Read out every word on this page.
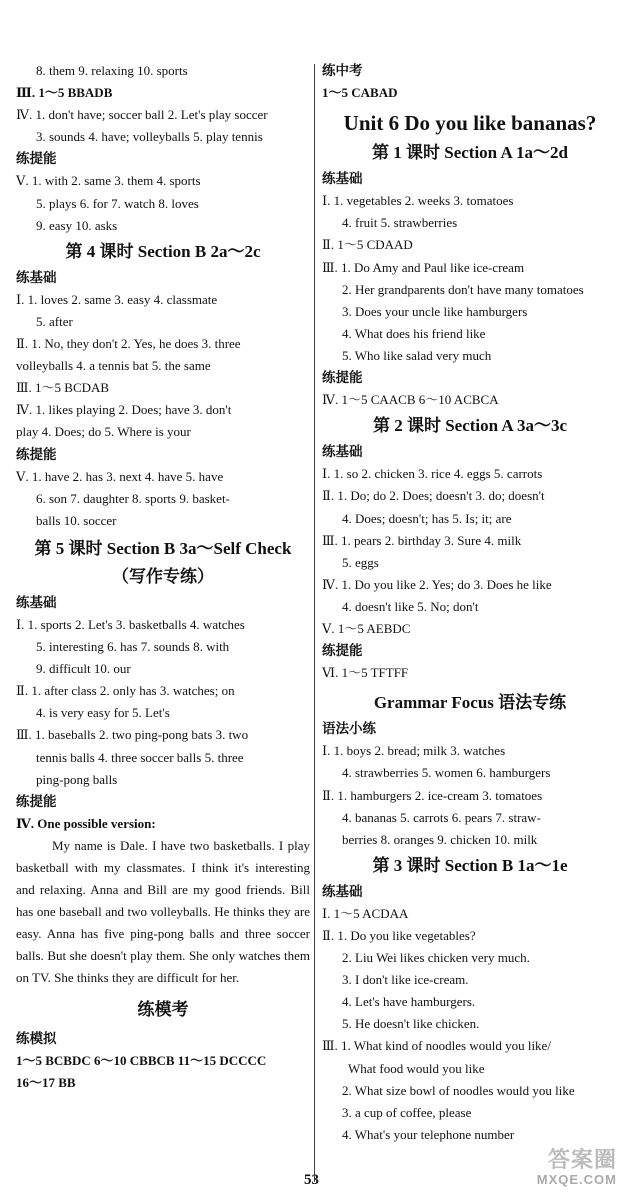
8. them 9. relaxing 10. sports
Ⅲ. 1～5 BBADB
Ⅳ. 1. don't have; soccer ball 2. Let's play soccer
3. sounds 4. have; volleyballs 5. play tennis
练提能
Ⅴ. 1. with 2. same 3. them 4. sports
5. plays 6. for 7. watch 8. loves
9. easy 10. asks
第 4 课时 Section B 2a～2c
练基础
Ⅰ. 1. loves 2. same 3. easy 4. classmate
5. after
Ⅱ. 1. No, they don't 2. Yes, he does 3. three
volleyballs 4. a tennis bat 5. the same
Ⅲ. 1～5 BCDAB
Ⅳ. 1. likes playing 2. Does; have 3. don't
play 4. Does; do 5. Where is your
练提能
Ⅴ. 1. have 2. has 3. next 4. have 5. have
6. son 7. daughter 8. sports 9. basket-
balls 10. soccer
第 5 课时 Section B 3a～Self Check
（写作专练）
练基础
Ⅰ. 1. sports 2. Let's 3. basketballs 4. watches
5. interesting 6. has 7. sounds 8. with
9. difficult 10. our
Ⅱ. 1. after class 2. only has 3. watches; on
4. is very easy for 5. Let's
Ⅲ. 1. baseballs 2. two ping-pong bats 3. two
tennis balls 4. three soccer balls 5. three
ping-pong balls
练提能
Ⅳ. One possible version:
My name is Dale. I have two basketballs. I play basketball with my classmates. I think it's interesting and relaxing. Anna and Bill are my good friends. Bill has one baseball and two volleyballs. He thinks they are easy. Anna has five ping-pong balls and three soccer balls. But she doesn't play them. She only watches them on TV. She thinks they are difficult for her.
练模考
练模拟
1～5 BCBDC 6～10 CBBCB 11～15 DCCCC
16～17 BB
练中考
1～5 CABAD
Unit 6 Do you like bananas?
第 1 课时 Section A 1a～2d
练基础
Ⅰ. 1. vegetables 2. weeks 3. tomatoes
4. fruit 5. strawberries
Ⅱ. 1～5 CDAAD
Ⅲ. 1. Do Amy and Paul like ice-cream
2. Her grandparents don't have many tomatoes
3. Does your uncle like hamburgers
4. What does his friend like
5. Who like salad very much
练提能
Ⅳ. 1～5 CAACB 6～10 ACBCA
第 2 课时 Section A 3a～3c
练基础
Ⅰ. 1. so 2. chicken 3. rice 4. eggs 5. carrots
Ⅱ. 1. Do; do 2. Does; doesn't 3. do; doesn't
4. Does; doesn't; has 5. Is; it; are
Ⅲ. 1. pears 2. birthday 3. Sure 4. milk
5. eggs
Ⅳ. 1. Do you like 2. Yes; do 3. Does he like
4. doesn't like 5. No; don't
Ⅴ. 1～5 AEBDC
练提能
Ⅵ. 1～5 TFTFF
Grammar Focus 语法专练
语法小练
Ⅰ. 1. boys 2. bread; milk 3. watches
4. strawberries 5. women 6. hamburgers
Ⅱ. 1. hamburgers 2. ice-cream 3. tomatoes
4. bananas 5. carrots 6. pears 7. straw-
berries 8. oranges 9. chicken 10. milk
第 3 课时 Section B 1a～1e
练基础
Ⅰ. 1～5 ACDAA
Ⅱ. 1. Do you like vegetables?
2. Liu Wei likes chicken very much.
3. I don't like ice-cream.
4. Let's have hamburgers.
5. He doesn't like chicken.
Ⅲ. 1. What kind of noodles would you like/
What food would you like
2. What size bowl of noodles would you like
3. a cup of coffee, please
4. What's your telephone number
53
答案圈
MXQE.COM
